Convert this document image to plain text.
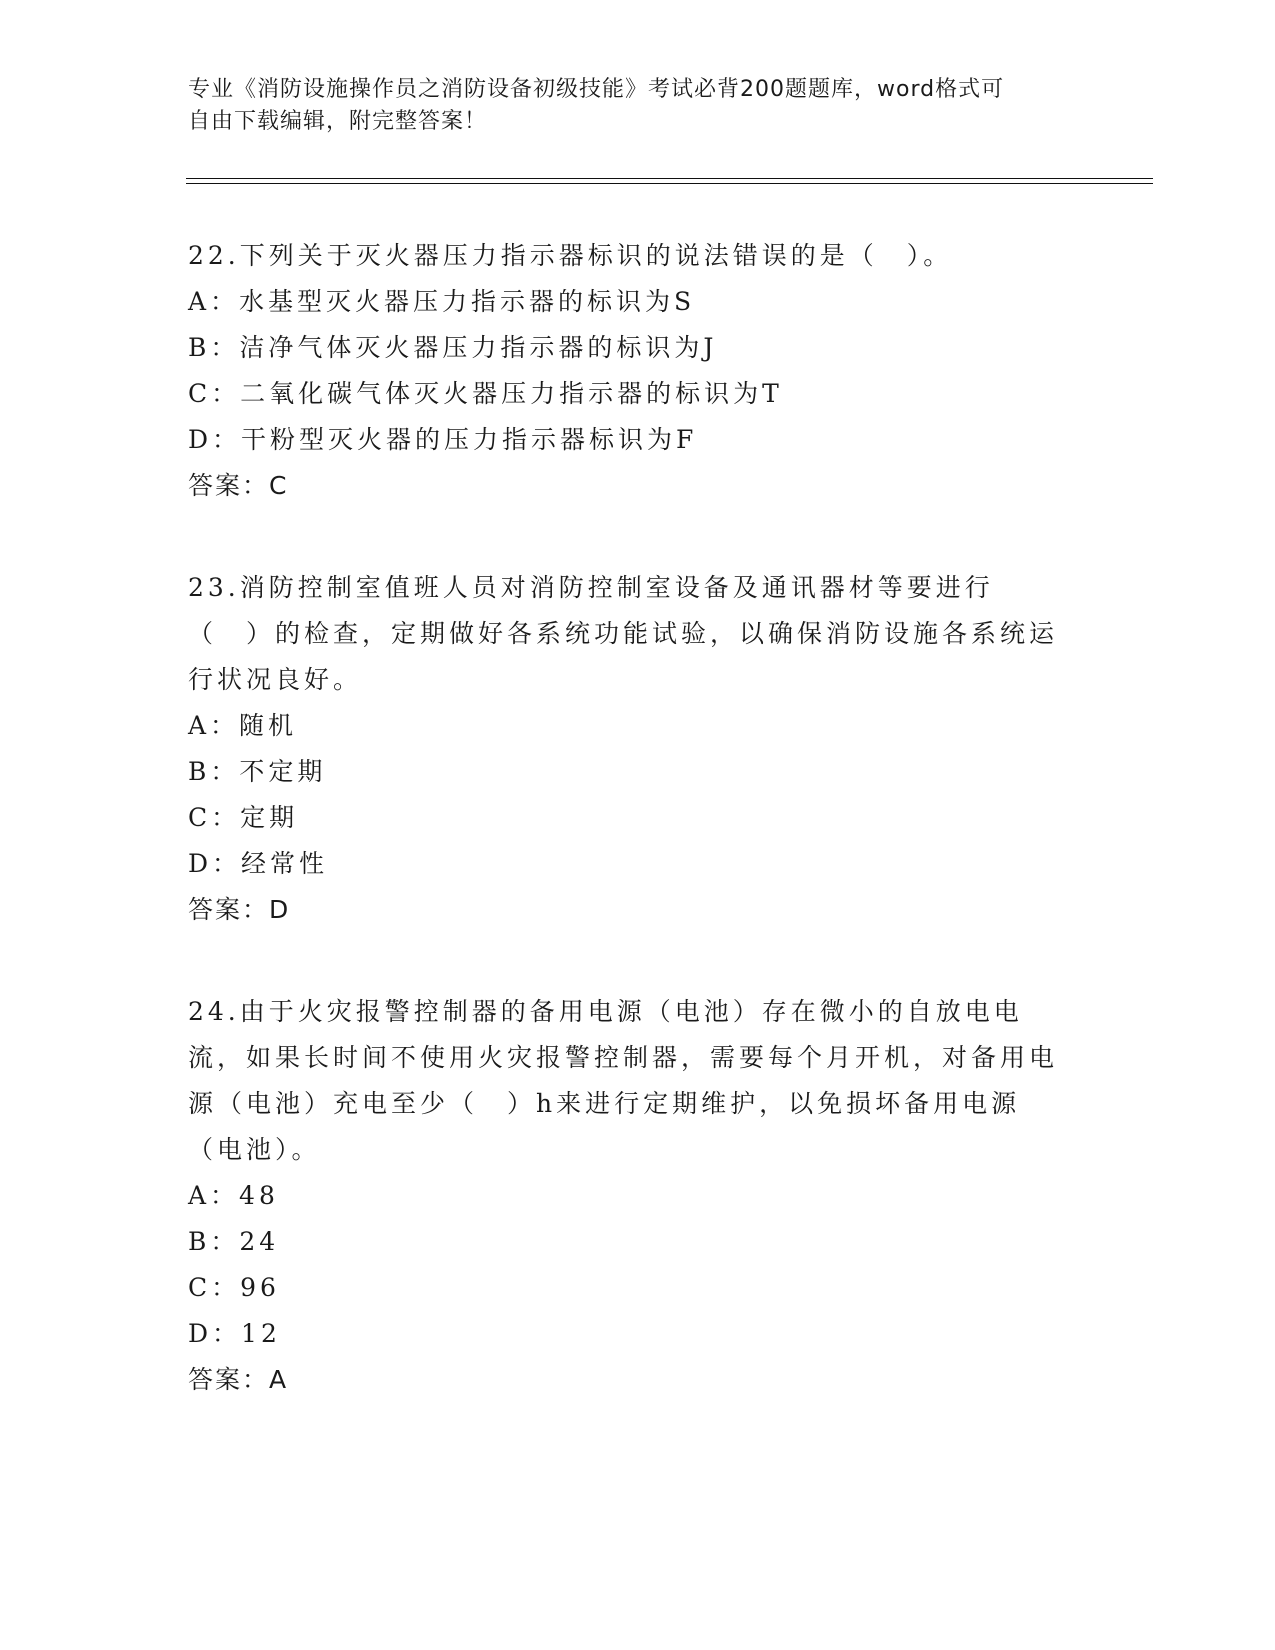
专业《消防设施操作员之消防设备初级技能》考试必背200题题库，word格式可
自由下载编辑，附完整答案！

22.下列关于灭火器压力指示器标识的说法错误的是（　）。

A：水基型灭火器压力指示器的标识为S

B：洁净气体灭火器压力指示器的标识为J

C：二氧化碳气体灭火器压力指示器的标识为T

D：干粉型灭火器的压力指示器标识为F

答案：C

23.消防控制室值班人员对消防控制室设备及通讯器材等要进行（　）的检查，定期做好各系统功能试验，以确保消防设施各系统运行状况良好。

A：随机

B：不定期

C：定期

D：经常性

答案：D

24.由于火灾报警控制器的备用电源（电池）存在微小的自放电电流，如果长时间不使用火灾报警控制器，需要每个月开机，对备用电源（电池）充电至少（　）h来进行定期维护，以免损坏备用电源（电池）。

A：48

B：24

C：96

D：12

答案：A
